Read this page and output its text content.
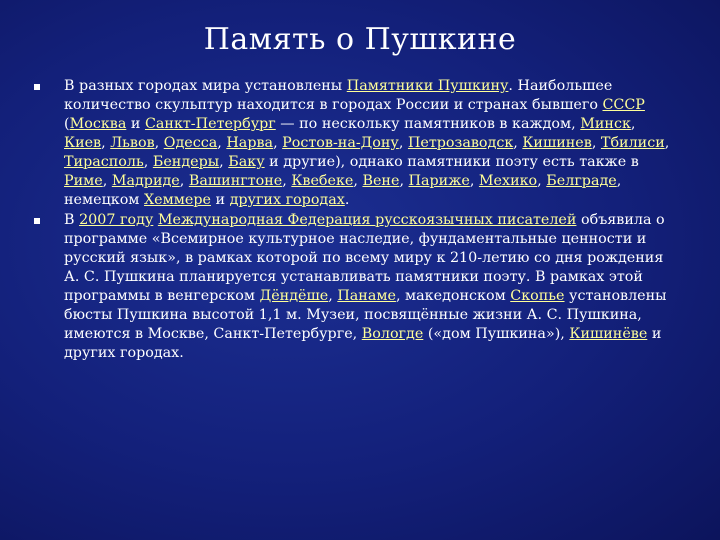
Память о Пушкине
В разных городах мира установлены Памятники Пушкину. Наибольшее количество скульптур находится в городах России и странах бывшего СССР (Москва и Санкт-Петербург — по нескольку памятников в каждом, Минск, Киев, Львов, Одесса, Нарва, Ростов-на-Дону, Петрозаводск, Кишинев, Тбилиси, Тирасполь, Бендеры, Баку и другие), однако памятники поэту есть также в Риме, Мадриде, Вашингтоне, Квебеке, Вене, Париже, Мехико, Белграде, немецком Хеммере и других городах.
В 2007 году Международная Федерация русскоязычных писателей объявила о программе «Всемирное культурное наследие, фундаментальные ценности и русский язык», в рамках которой по всему миру к 210-летию со дня рождения А. С. Пушкина планируется устанавливать памятники поэту. В рамках этой программы в венгерском Дёндёше, Панаме, македонском Скопье установлены бюсты Пушкина высотой 1,1 м. Музеи, посвящённые жизни А. С. Пушкина, имеются в Москве, Санкт-Петербурге, Вологде («дом Пушкина»), Кишинёве и других городах.
